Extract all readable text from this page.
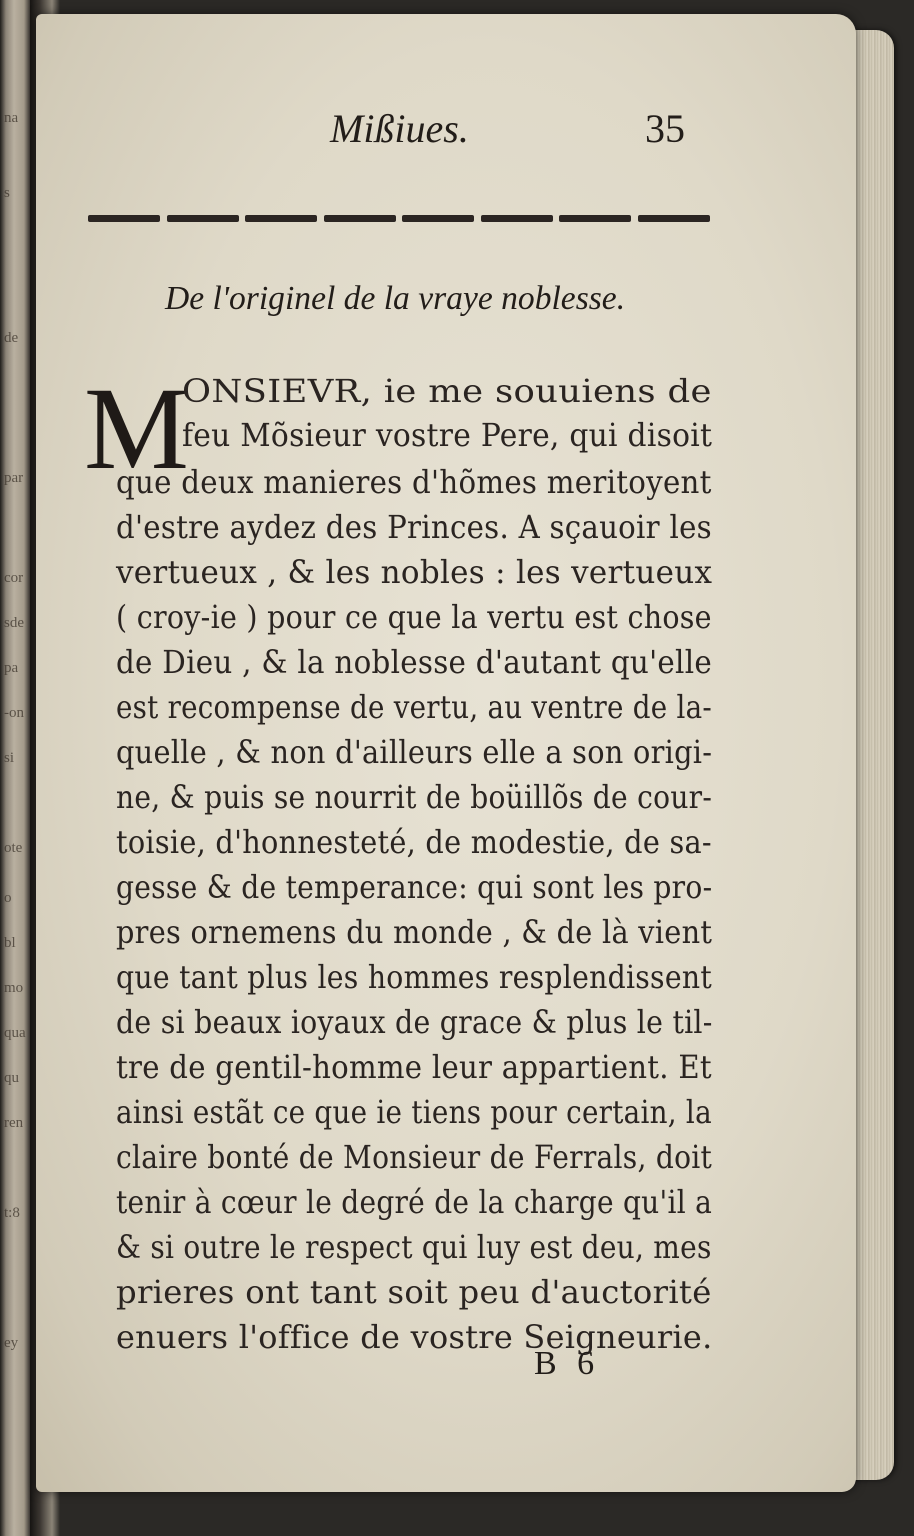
na
s
de
par
cor
sde
pa
-on
si
ote
o
bl
mo
qua
qu
ren
t:8
ey
Mißiues.	35
De l'originel de la vraye noblesse.
M
ONSIEVR, ie me souuiens de
feu Mõsieur vostre Pere, qui disoit
que deux manieres d'hõmes meritoyent
d'estre aydez des Princes. A sçauoir les
vertueux , & les nobles : les vertueux
( croy-ie ) pour ce que la vertu est chose
de Dieu , & la noblesse d'autant qu'elle
est recompense de vertu, au ventre de la-
quelle , & non d'ailleurs elle a son origi-
ne, & puis se nourrit de boüillõs de cour-
toisie, d'honnesteté, de modestie, de sa-
gesse & de temperance: qui sont les pro-
pres ornemens du monde , & de là vient
que tant plus les hommes resplendissent
de si beaux ioyaux de grace & plus le til-
tre de gentil-homme leur appartient. Et
ainsi estãt ce que ie tiens pour certain, la
claire bonté de Monsieur de Ferrals, doit
tenir à cœur le degré de la charge qu'il a
& si outre le respect qui luy est deu, mes
prieres ont tant soit peu d'auctorité
enuers l'office de vostre Seigneurie.
B 6
